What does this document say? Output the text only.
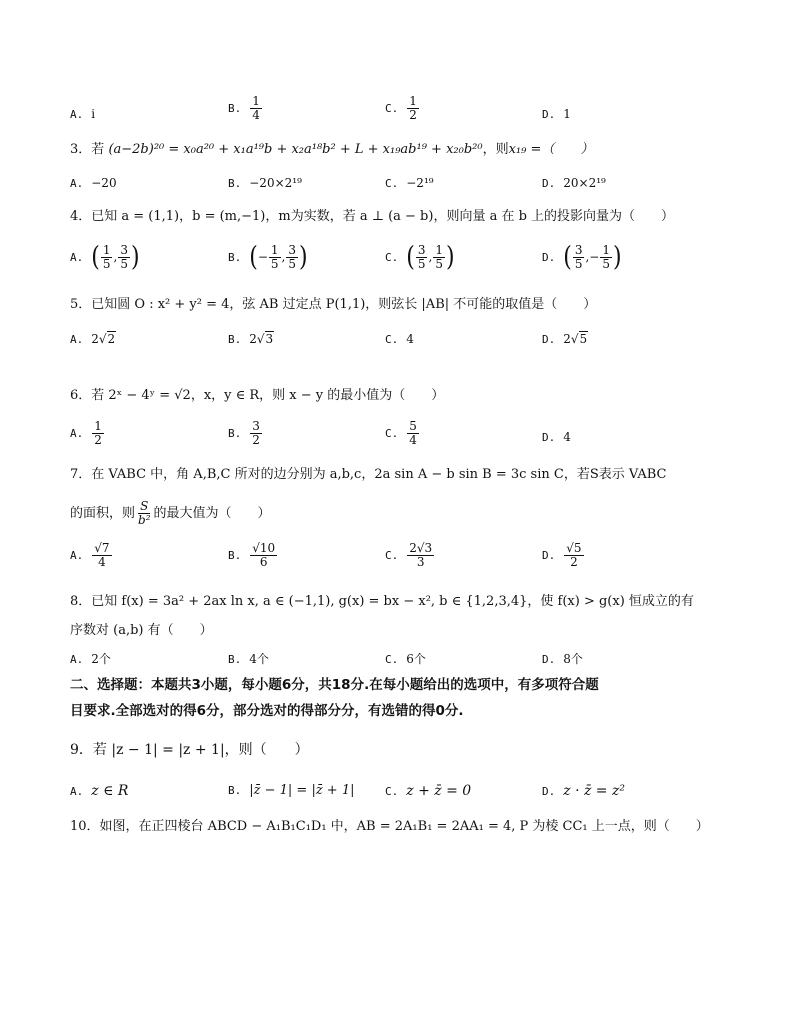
A. i	B. $\frac{1}{4}$	C. $\frac{1}{2}$	D. 1
3．若 (a−2b)²⁰ = x₀a²⁰ + x₁a¹⁹b + x₂a¹⁸b² + L + x₁₉ab¹⁹ + x₂₀b²⁰，则x₁₉ =（　　）
A. −20	B. −20×2¹⁹	C. −2¹⁹	D. 20×2¹⁹
4．已知 a = (1,1)，b = (m,−1)，m为实数，若 a ⊥ (a − b)，则向量 a 在 b 上的投影向量为（　　）
A. ( $\frac{1}{5}$ , $\frac{3}{5}$ )	B. (− $\frac{1}{5}$ , $\frac{3}{5}$ )	C. ( $\frac{3}{5}$ , $\frac{1}{5}$ )	D. ( $\frac{3}{5}$ ,− $\frac{1}{5}$ )
5．已知圆 O : x² + y² = 4，弦 AB 过定点 P(1,1)，则弦长 |AB| 不可能的取值是（　　）
A. 2√2	B. 2√3	C. 4	D. 2√5
6．若 2ˣ − 4ʸ = √2，x，y ∈ R，则 x − y 的最小值为（　　）
A. $\frac{1}{2}$	B. $\frac{3}{2}$	C. $\frac{5}{4}$	D. 4
7．在 VABC 中，角 A,B,C 所对的边分别为 a,b,c，2a sin A − b sin B = 3c sin C，若S表示 VABC
的面积，则 $\frac{S}{\text{b²}}$ 的最大值为（　　）
A. $\frac{√7}{4}$	B. $\frac{√10}{6}$	C. $\frac{2√3}{3}$	D. $\frac{√5}{2}$
8．已知 f(x) = 3a² + 2ax ln x, a ∈ (−1,1), g(x) = bx − x², b ∈ {1,2,3,4}，使 f(x) > g(x) 恒成立的有
序数对 (a,b) 有（　　）
A. 2个	B. 4个	C. 6个	D. 8个
二、选择题：本题共3小题，每小题6分，共18分.在每小题给出的选项中，有多项符合题
目要求.全部选对的得6分，部分选对的得部分分，有选错的得0分.
9．若 |z − 1| = |z + 1|，则（　　）
A. z ∈ R	B. |z̄ − 1| = |z̄ + 1|	C. z + z̄ = 0	D. z · z̄ = z²
10．如图，在正四棱台 ABCD − A₁B₁C₁D₁ 中，AB = 2A₁B₁ = 2AA₁ = 4, P 为棱 CC₁ 上一点，则（　　）
